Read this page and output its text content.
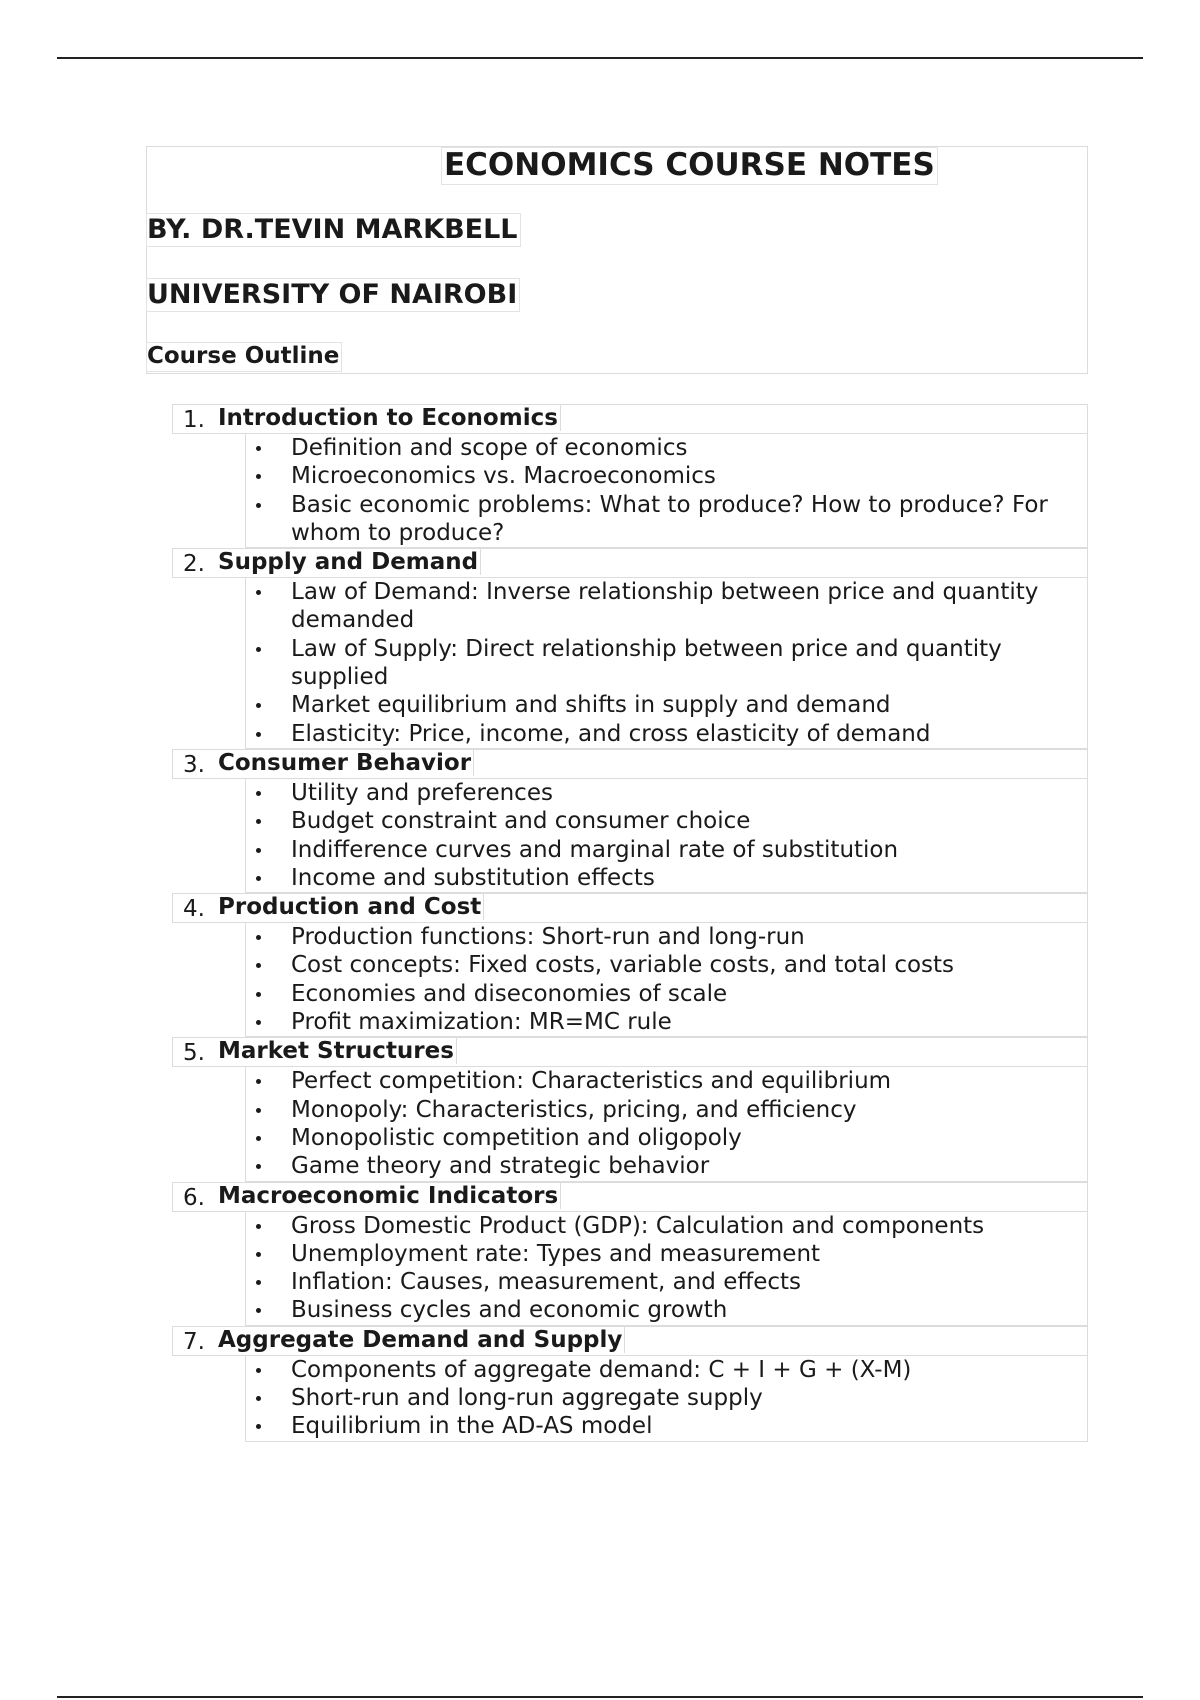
ECONOMICS COURSE NOTES
BY. DR.TEVIN MARKBELL
UNIVERSITY OF NAIROBI
Course Outline
1. Introduction to Economics
Definition and scope of economics
Microeconomics vs. Macroeconomics
Basic economic problems: What to produce? How to produce? For whom to produce?
2. Supply and Demand
Law of Demand: Inverse relationship between price and quantity demanded
Law of Supply: Direct relationship between price and quantity supplied
Market equilibrium and shifts in supply and demand
Elasticity: Price, income, and cross elasticity of demand
3. Consumer Behavior
Utility and preferences
Budget constraint and consumer choice
Indifference curves and marginal rate of substitution
Income and substitution effects
4. Production and Cost
Production functions: Short-run and long-run
Cost concepts: Fixed costs, variable costs, and total costs
Economies and diseconomies of scale
Profit maximization: MR=MC rule
5. Market Structures
Perfect competition: Characteristics and equilibrium
Monopoly: Characteristics, pricing, and efficiency
Monopolistic competition and oligopoly
Game theory and strategic behavior
6. Macroeconomic Indicators
Gross Domestic Product (GDP): Calculation and components
Unemployment rate: Types and measurement
Inflation: Causes, measurement, and effects
Business cycles and economic growth
7. Aggregate Demand and Supply
Components of aggregate demand: C + I + G + (X-M)
Short-run and long-run aggregate supply
Equilibrium in the AD-AS model
